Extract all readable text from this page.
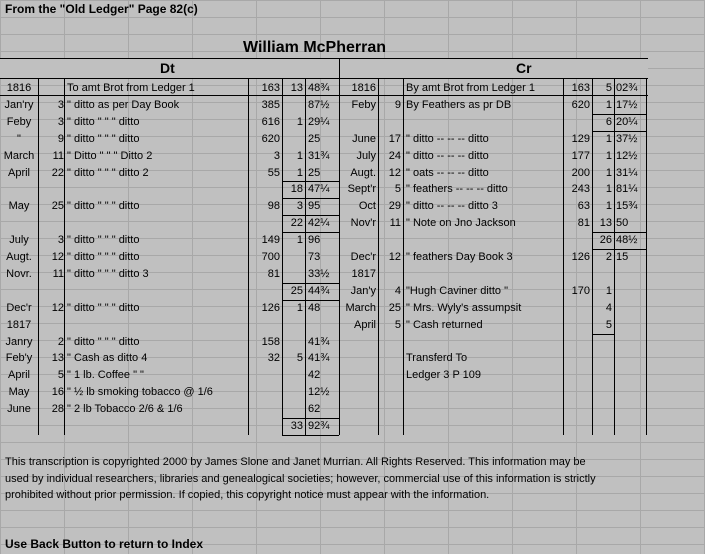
From the "Old Ledger" Page 82(c)
William McPherran
Dt	Cr
1816	To amt Brot from Ledger 1	163 13 48¾
Jan'ry	3 " ditto as per Day Book	385	87½
Feby	3 " ditto " " " ditto	616	1 29¼
"	9 " ditto " " " ditto	620	25
March	11 " Ditto " " " Ditto 2	3	1 31¾
April	22 " ditto " " " ditto 2	55	1 25
18 47¼
May	25 " ditto " " " ditto	98	3 95
22 42¼
July	3 " ditto " " " ditto	149	1 96
Augt.	12 " ditto " " " ditto	700	73
Novr.	11 " ditto " " " ditto 3	81	33½
25 44¾
Dec'r	12 " ditto " " " ditto	126	1 48
1817
Janry	2 " ditto " " " ditto	158	41¾
Feb'y	13 " Cash as ditto 4	32	5 41¾
April	5 " 1 lb. Coffee " "	42
May	16 " ½ lb smoking tobacco @ 1/6	12½
June	28 " 2 lb Tobacco 2/6 & 1/6	62
33 92¾
1816	By amt Brot from Ledger 1	163	5 02¾
Feby	9 By Feathers as pr DB	620	1 17½
6 20¼
June	17 " ditto -- -- -- ditto	129	1 37½
July	24 " ditto -- -- -- ditto	177	1 12½
Augt.	12 " oats -- -- -- ditto	200	1 31¼
Sept'r	5 " feathers -- -- -- ditto	243	1 81¼
Oct	29 " ditto -- -- -- ditto 3	63	1 15¾
Nov'r	11 " Note on Jno Jackson	81 13 50
26 48½
Dec'r	12 " feathers Day Book 3	126	2 15
1817
Jan'y	4 "Hugh Caviner ditto "	170	1
March	25 " Mrs. Wyly's assumpsit	4
April	5 " Cash returned	5
Transferd To
Ledger 3 P 109
This transcription is copyrighted 2000 by James Slone and Janet Murrian. All Rights Reserved. This information may be
used by individual researchers, libraries and genealogical societies; however, commercial use of this information is strictly
prohibited without prior permission. If copied, this copyright notice must appear with the information.
Use Back Button to return to Index
